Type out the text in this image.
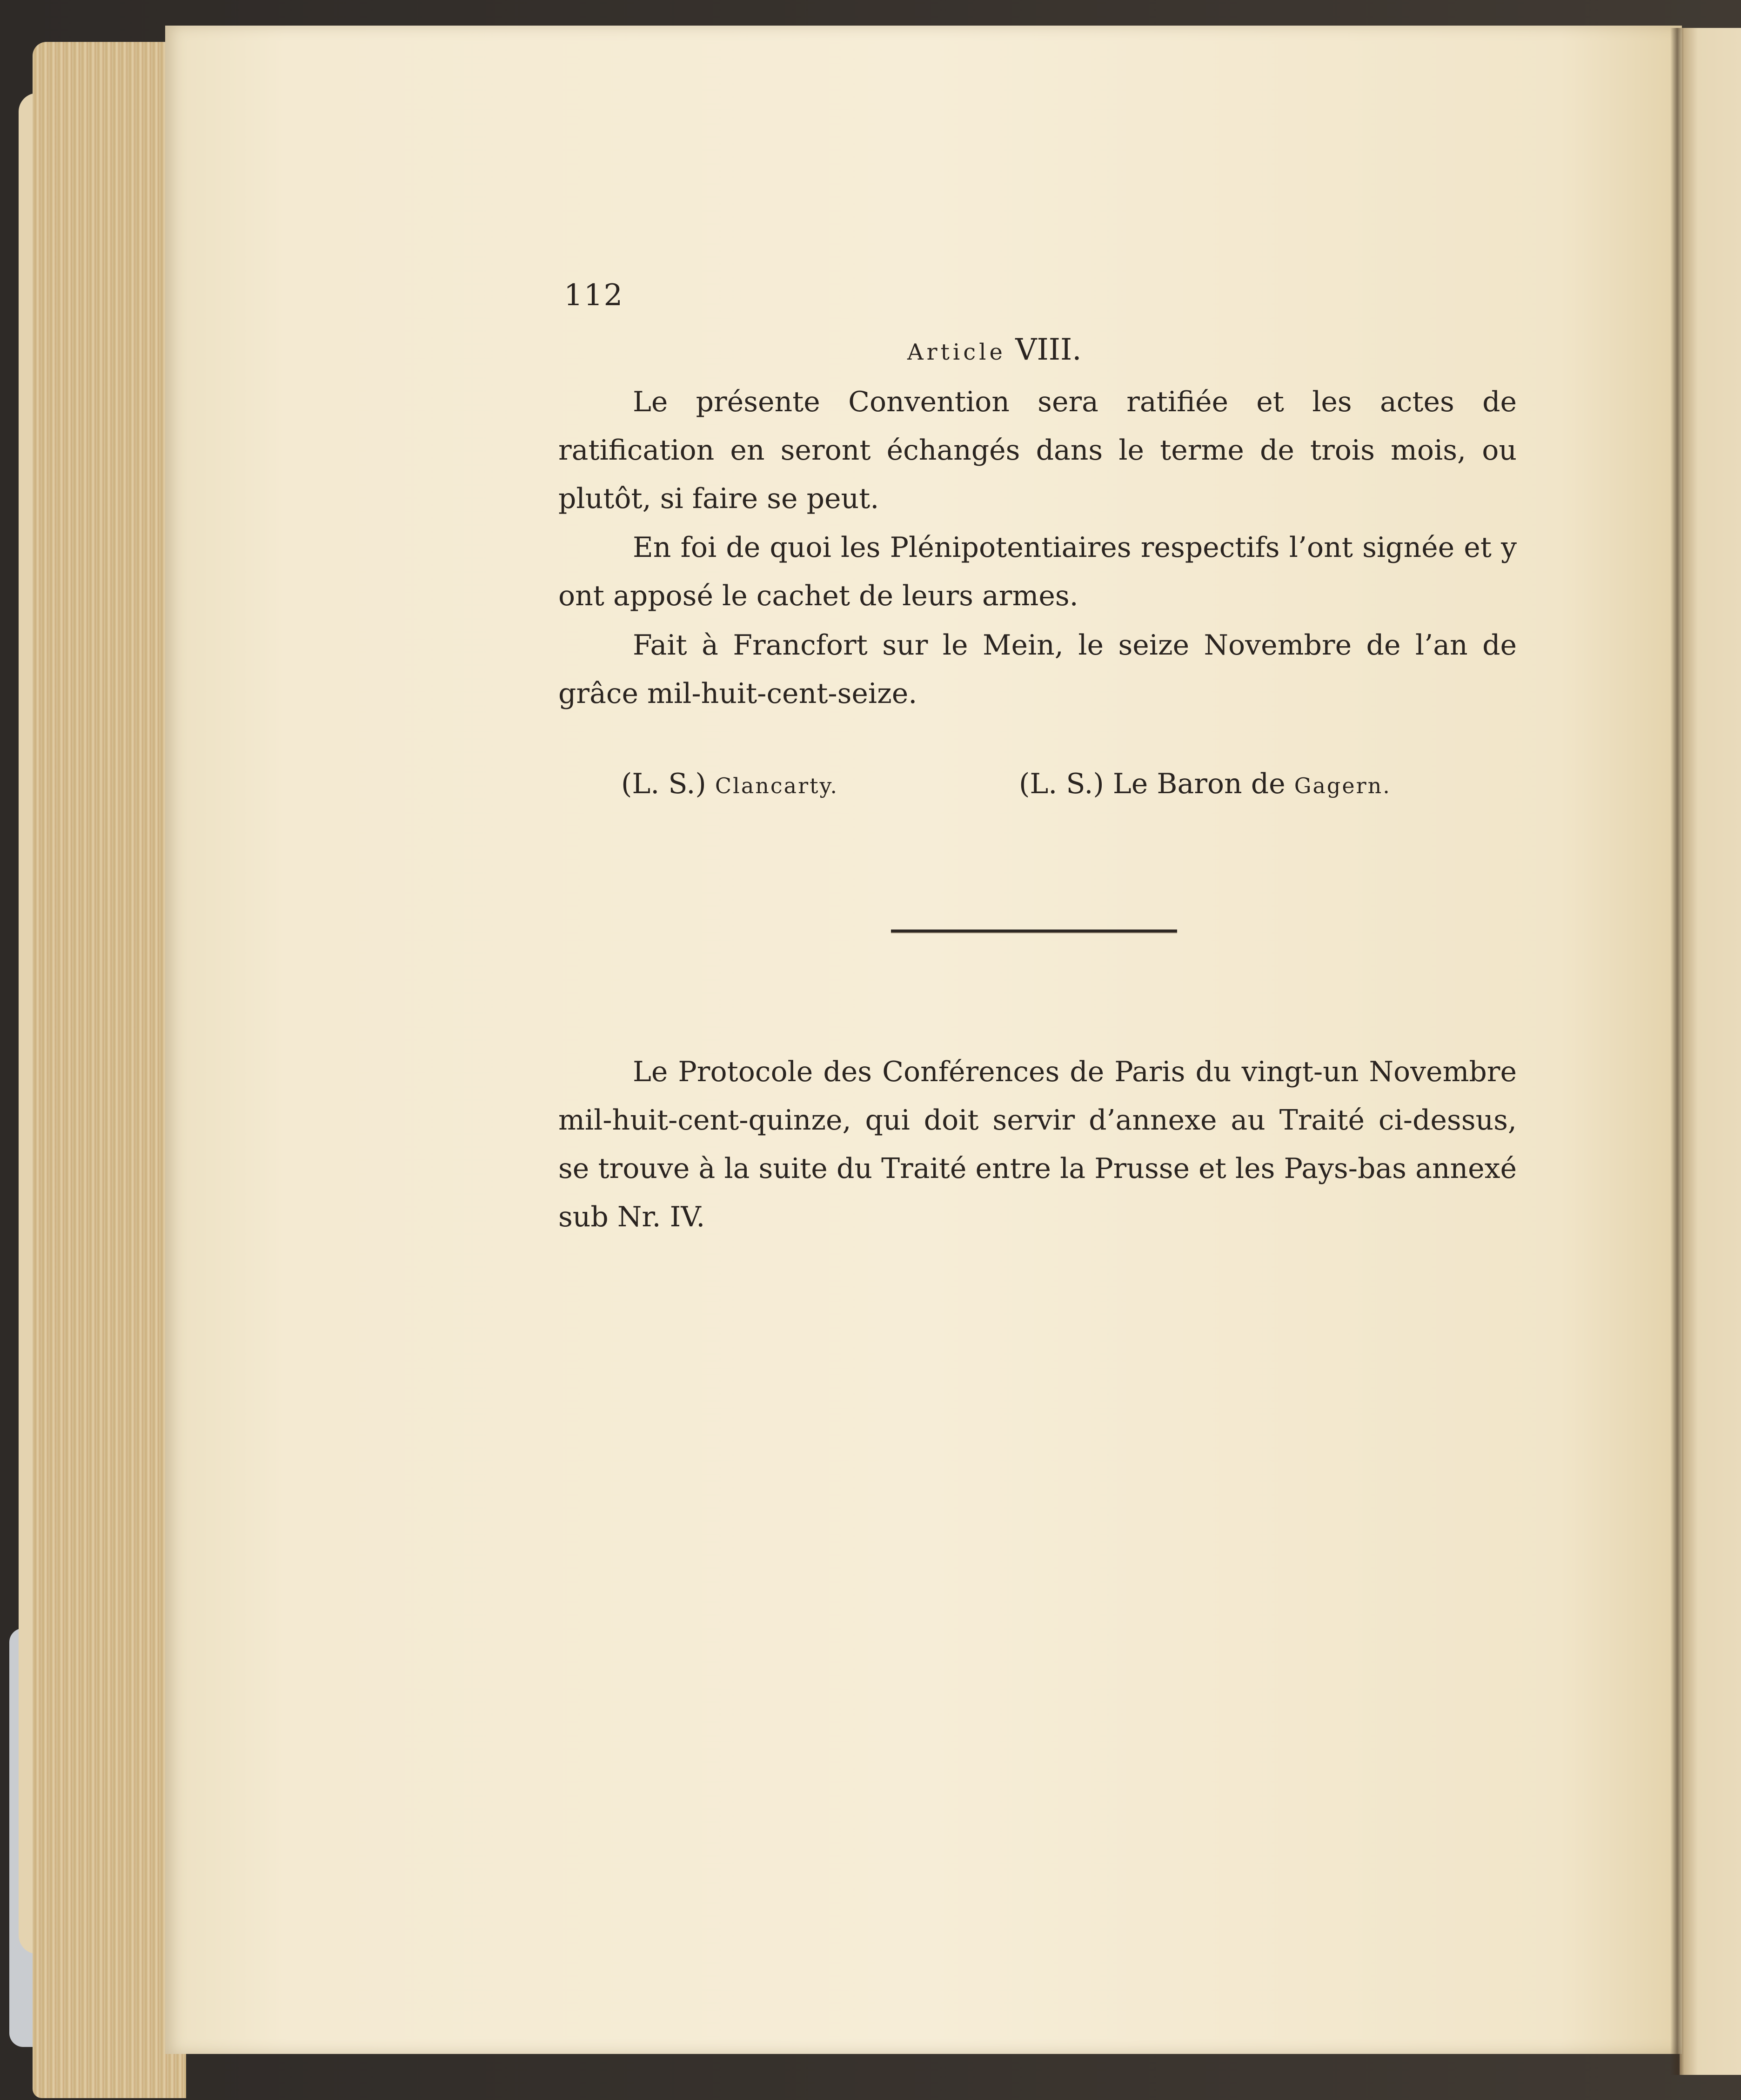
112
Article VIII.

Le présente Convention sera ratifiée et les actes de ratification en seront échangés dans le terme de trois mois, ou plutôt, si faire se peut.

En foi de quoi les Plénipotentiaires respectifs l’ont signée et y ont apposé le cachet de leurs armes.

Fait à Francfort sur le Mein, le seize Novembre de l’an de grâce mil-huit-cent-seize.

(L. S.) Clancarty.	(L. S.) Le Baron de Gagern.

Le Protocole des Conférences de Paris du vingt-un Novembre mil-huit-cent-quinze, qui doit servir d’annexe au Traité ci-dessus, se trouve à la suite du Traité entre la Prusse et les Pays-bas annexé sub Nr. IV.
